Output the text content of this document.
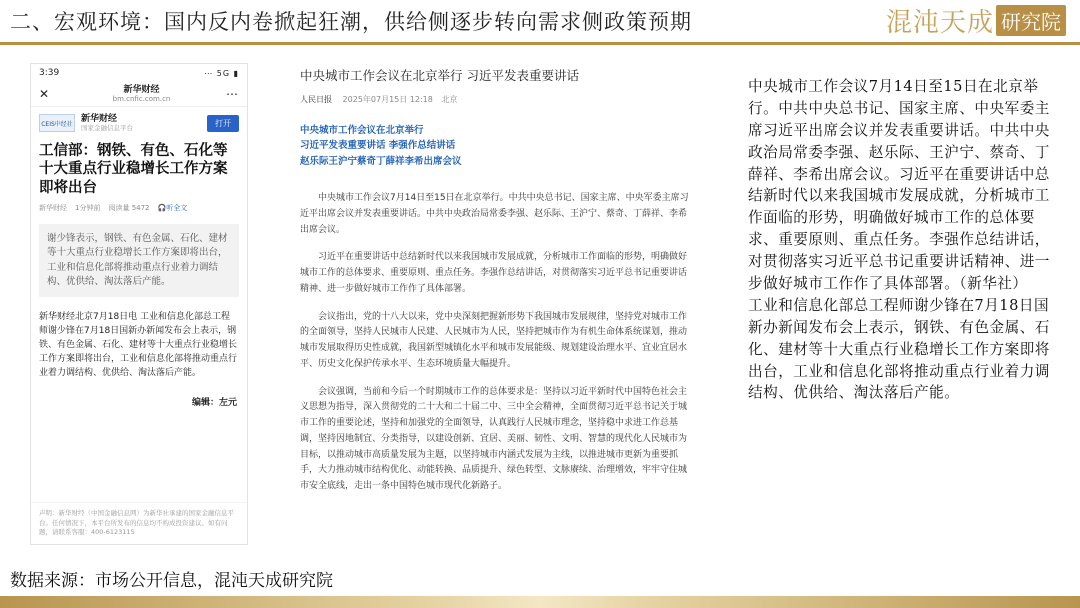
二、宏观环境：国内反内卷掀起狂潮，供给侧逐步转向需求侧政策预期	混沌天成 研究院
3:39	⋯ 5G ▮
✕	新华财经
bm.cnfic.com.cn	⋯
CEIS中经社
新华财经
国家金融信息平台	打开
工信部：钢铁、有色、石化等十大重点行业稳增长工作方案即将出台
新华财经 1分钟前 阅读量 5472 🎧听全文
谢少锋表示，钢铁、有色金属、石化、建材等十大重点行业稳增长工作方案即将出台，工业和信息化部将推动重点行业着力调结构、优供给、淘汰落后产能。
新华财经北京7月18日电 工业和信息化部总工程师谢少锋在7月18日国新办新闻发布会上表示，钢铁、有色金属、石化、建材等十大重点行业稳增长工作方案即将出台，工业和信息化部将推动重点行业着力调结构、优供给、淘汰落后产能。
编辑：左元
声明：新华财经（中国金融信息网）为新华社承建的国家金融信息平台。任何情况下，本平台所发布的信息均不构成投资建议。如有问题，请联系客服：400-6123115
中央城市工作会议在北京举行 习近平发表重要讲话
人民日报 2025年07月15日 12:18 北京
中央城市工作会议在北京举行
习近平发表重要讲话 李强作总结讲话
赵乐际王沪宁蔡奇丁薛祥李希出席会议

中央城市工作会议7月14日至15日在北京举行。中共中央总书记、国家主席、中央军委主席习近平出席会议并发表重要讲话。中共中央政治局常委李强、赵乐际、王沪宁、蔡奇、丁薛祥、李希出席会议。

习近平在重要讲话中总结新时代以来我国城市发展成就，分析城市工作面临的形势，明确做好城市工作的总体要求、重要原则、重点任务。李强作总结讲话，对贯彻落实习近平总书记重要讲话精神、进一步做好城市工作作了具体部署。

会议指出，党的十八大以来，党中央深刻把握新形势下我国城市发展规律，坚持党对城市工作的全面领导，坚持人民城市人民建、人民城市为人民，坚持把城市作为有机生命体系统谋划，推动城市发展取得历史性成就，我国新型城镇化水平和城市发展能级、规划建设治理水平、宜业宜居水平、历史文化保护传承水平、生态环境质量大幅提升。

会议强调，当前和今后一个时期城市工作的总体要求是：坚持以习近平新时代中国特色社会主义思想为指导，深入贯彻党的二十大和二十届二中、三中全会精神，全面贯彻习近平总书记关于城市工作的重要论述，坚持和加强党的全面领导，认真践行人民城市理念，坚持稳中求进工作总基调，坚持因地制宜、分类指导，以建设创新、宜居、美丽、韧性、文明、智慧的现代化人民城市为目标，以推动城市高质量发展为主题，以坚持城市内涵式发展为主线，以推进城市更新为重要抓手，大力推动城市结构优化、动能转换、品质提升、绿色转型、文脉赓续、治理增效，牢牢守住城市安全底线，走出一条中国特色城市现代化新路子。

中央城市工作会议7月14日至15日在北京举行。中共中央总书记、国家主席、中央军委主席习近平出席会议并发表重要讲话。中共中央政治局常委李强、赵乐际、王沪宁、蔡奇、丁薛祥、李希出席会议。习近平在重要讲话中总结新时代以来我国城市发展成就，分析城市工作面临的形势，明确做好城市工作的总体要求、重要原则、重点任务。李强作总结讲话，对贯彻落实习近平总书记重要讲话精神、进一步做好城市工作作了具体部署。（新华社）

工业和信息化部总工程师谢少锋在7月18日国新办新闻发布会上表示，钢铁、有色金属、石化、建材等十大重点行业稳增长工作方案即将出台，工业和信息化部将推动重点行业着力调结构、优供给、淘汰落后产能。

数据来源：市场公开信息，混沌天成研究院
